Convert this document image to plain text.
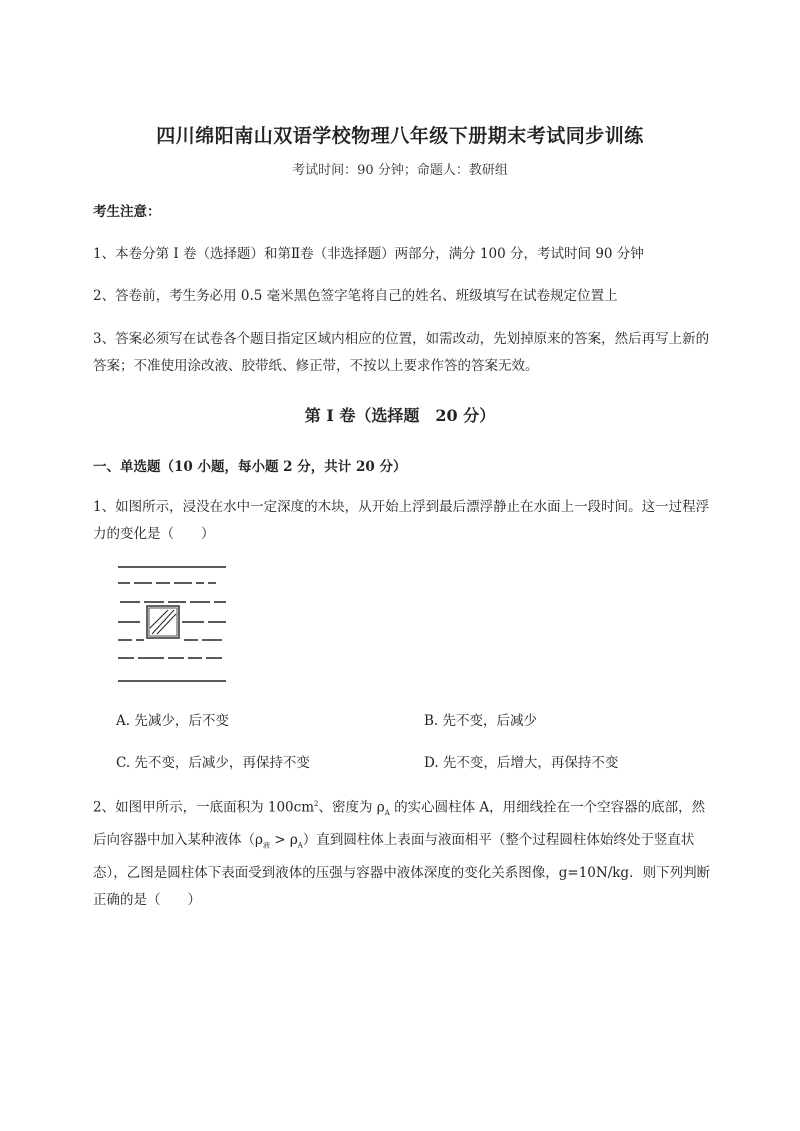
四川绵阳南山双语学校物理八年级下册期末考试同步训练
考试时间：90 分钟；命题人：教研组
考生注意：
1、本卷分第 I 卷（选择题）和第Ⅱ卷（非选择题）两部分，满分 100 分，考试时间 90 分钟
2、答卷前，考生务必用 0.5 毫米黑色签字笔将自己的姓名、班级填写在试卷规定位置上
3、答案必须写在试卷各个题目指定区域内相应的位置，如需改动，先划掉原来的答案，然后再写上新的答案；不准使用涂改液、胶带纸、修正带，不按以上要求作答的答案无效。
第 I 卷（选择题　20 分）
一、单选题（10 小题，每小题 2 分，共计 20 分）
1、如图所示，浸没在水中一定深度的木块，从开始上浮到最后漂浮静止在水面上一段时间。这一过程浮力的变化是（　　）
A. 先减少，后不变	B. 先不变，后减少
C. 先不变，后减少，再保持不变	D. 先不变，后增大，再保持不变
2、如图甲所示，一底面积为 $100cm^2$、密度为 $\rho_A$ 的实心圆柱体 A，用细线拴在一个空容器的底部，然后向容器中加入某种液体$(\rho_液 > \rho_A)$直到圆柱体上表面与液面相平（整个过程圆柱体始终处于竖直状态），乙图是圆柱体下表面受到液体的压强与容器中液体深度的变化关系图像，g=10N/kg．则下列判断正确的是（　　）
